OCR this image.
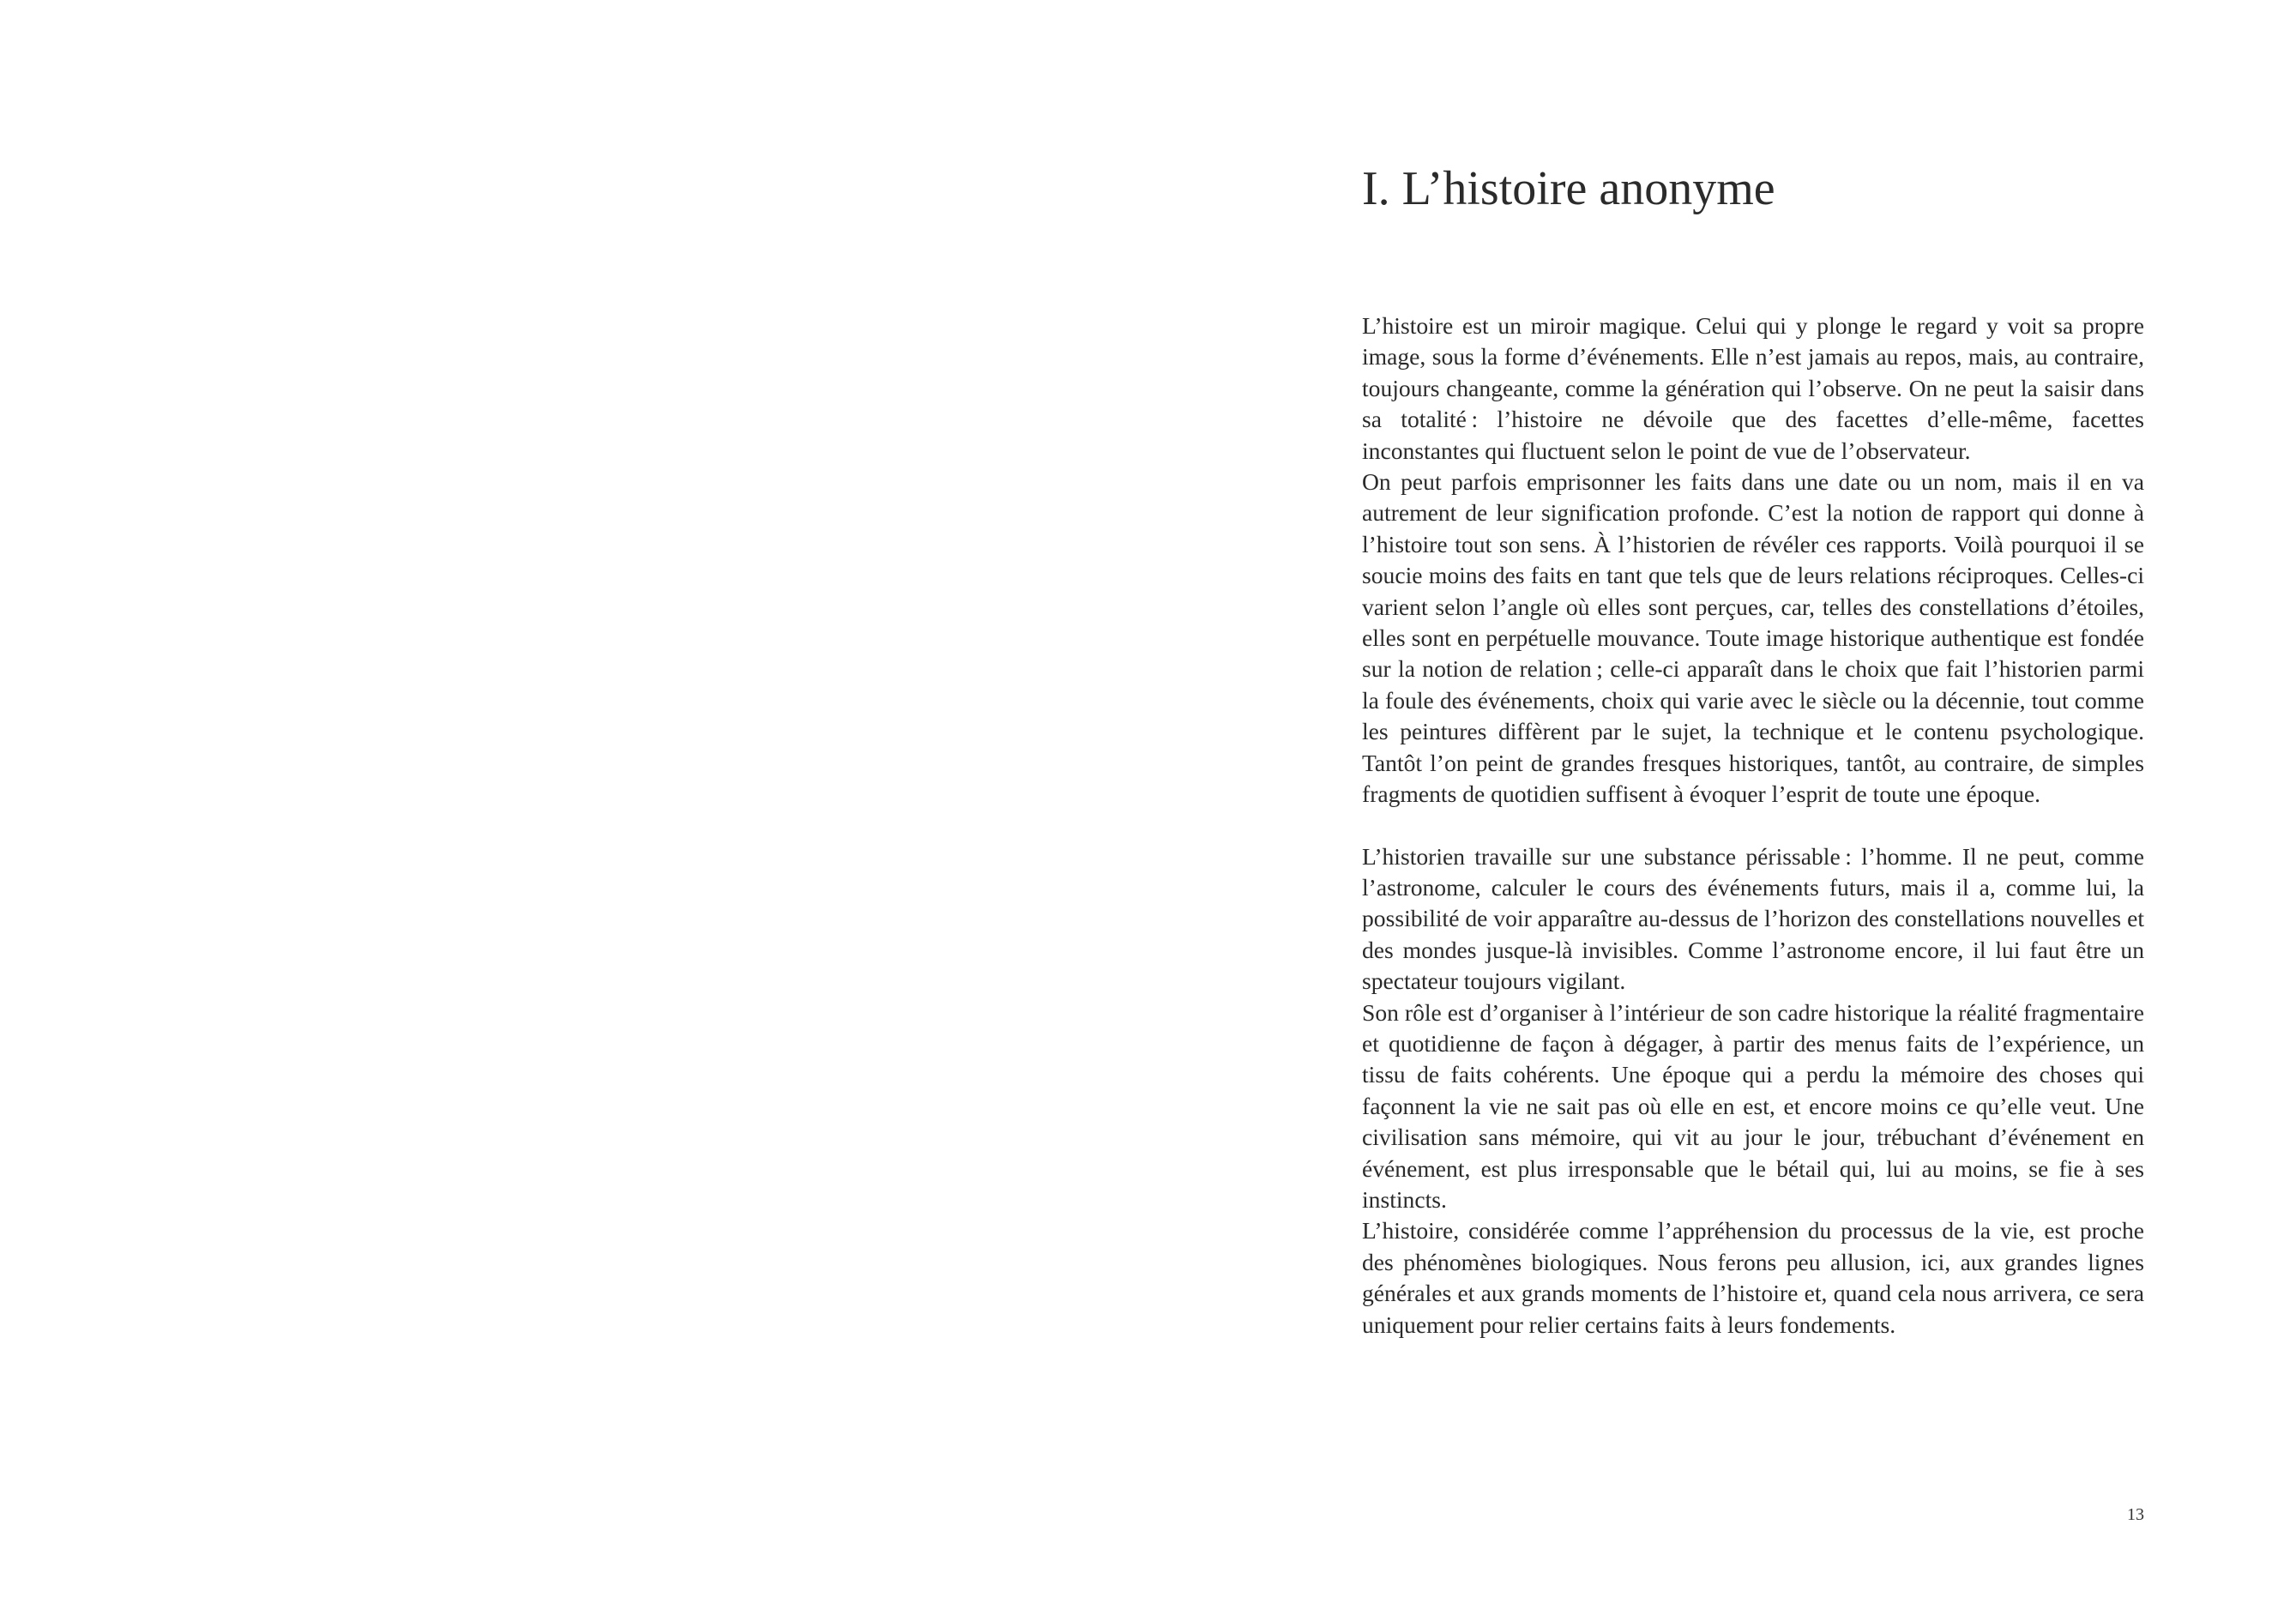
I. L’histoire anonyme

L’histoire est un miroir magique. Celui qui y plonge le regard y voit sa propre image, sous la forme d’événements. Elle n’est jamais au repos, mais, au contraire, toujours changeante, comme la génération qui l’observe. On ne peut la saisir dans sa totalité : l’histoire ne dévoile que des facettes d’elle-même, facettes inconstantes qui fluctuent selon le point de vue de l’observateur.

On peut parfois emprisonner les faits dans une date ou un nom, mais il en va autrement de leur signification profonde. C’est la notion de rapport qui donne à l’histoire tout son sens. À l’historien de révéler ces rapports. Voilà pourquoi il se soucie moins des faits en tant que tels que de leurs relations réciproques. Celles-ci varient selon l’angle où elles sont perçues, car, telles des constellations d’étoiles, elles sont en perpétuelle mouvance. Toute image historique authentique est fondée sur la notion de relation ; celle-ci apparaît dans le choix que fait l’historien parmi la foule des événements, choix qui varie avec le siècle ou la décennie, tout comme les peintures diffèrent par le sujet, la technique et le contenu psychologique. Tantôt l’on peint de grandes fresques historiques, tantôt, au contraire, de simples fragments de quotidien suffisent à évoquer l’esprit de toute une époque.

L’historien travaille sur une substance périssable : l’homme. Il ne peut, comme l’astronome, calculer le cours des événements futurs, mais il a, comme lui, la possibilité de voir apparaître au-dessus de l’horizon des constellations nouvelles et des mondes jusque-là invisibles. Comme l’astronome encore, il lui faut être un spectateur toujours vigilant.

Son rôle est d’organiser à l’intérieur de son cadre historique la réalité fragmentaire et quotidienne de façon à dégager, à partir des menus faits de l’expérience, un tissu de faits cohérents. Une époque qui a perdu la mémoire des choses qui façonnent la vie ne sait pas où elle en est, et encore moins ce qu’elle veut. Une civilisation sans mémoire, qui vit au jour le jour, trébuchant d’événement en événement, est plus irresponsable que le bétail qui, lui au moins, se fie à ses instincts.

L’histoire, considérée comme l’appréhension du processus de la vie, est proche des phénomènes biologiques. Nous ferons peu allusion, ici, aux grandes lignes générales et aux grands moments de l’histoire et, quand cela nous arrivera, ce sera uniquement pour relier certains faits à leurs fondements.

13
